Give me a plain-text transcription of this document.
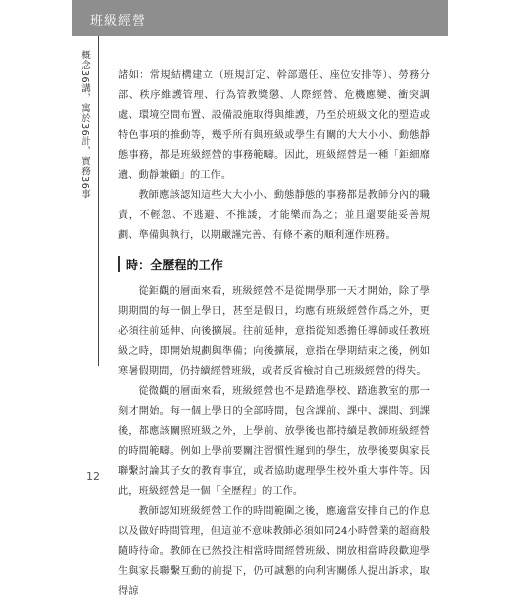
班級經營
概念36講，寓於36計，實務36事	諸如：常規結構建立（班規訂定、幹部選任、座位安排等）、勞務分部、秩序維護管理、行為管教獎懲、人際經營、危機應變、衝突調處、環境空間布置、設備設施取得與維護，乃至於班級文化的塑造或特色事項的推動等，幾乎所有與班級或學生有關的大大小小、動態靜態事務，都是班級經營的事務範疇。因此，班級經營是一種「鉅細靡遺、動靜兼顧」的工作。

教師應該認知這些大大小小、動態靜態的事務都是教師分內的職責，不輕忽、不逃避、不推諉，才能樂而為之；並且還要能妥善規劃、準備與執行，以期嚴謹完善、有條不紊的順利運作班務。

時：全歷程的工作

從鉅觀的層面來看，班級經營不是從開學那一天才開始，除了學期期間的每一個上學日，甚至是假日，均應有班級經營作爲之外，更必須往前延伸、向後擴展。往前延伸，意指從知悉擔任導師或任教班級之時，即開始規劃與準備；向後擴展，意指在學期結束之後，例如寒暑假期間，仍持續經營班級，或者反省檢討自己班級經營的得失。

從微觀的層面來看，班級經營也不是踏進學校、踏進教室的那一刻才開始。每一個上學日的全部時間，包含課前、課中、課間、到課後，都應該關照班級之外，上學前、放學後也都持續是教師班級經營的時間範疇。例如上學前要關注習慣性遲到的學生，放學後要與家長聯繫討論其子女的教育事宜，或者協助處理學生校外重大事件等。因此，班級經營是一個「全歷程」的工作。

教師認知班級經營工作的時間範圍之後，應適當安排自己的作息以及做好時間管理，但這並不意味教師必須如同24小時營業的超商般隨時待命。教師在已然投注相當時間經營班級、開放相當時段歡迎學生與家長聯繫互動的前提下，仍可誠懇的向利害關係人提出訴求，取得諒

12
